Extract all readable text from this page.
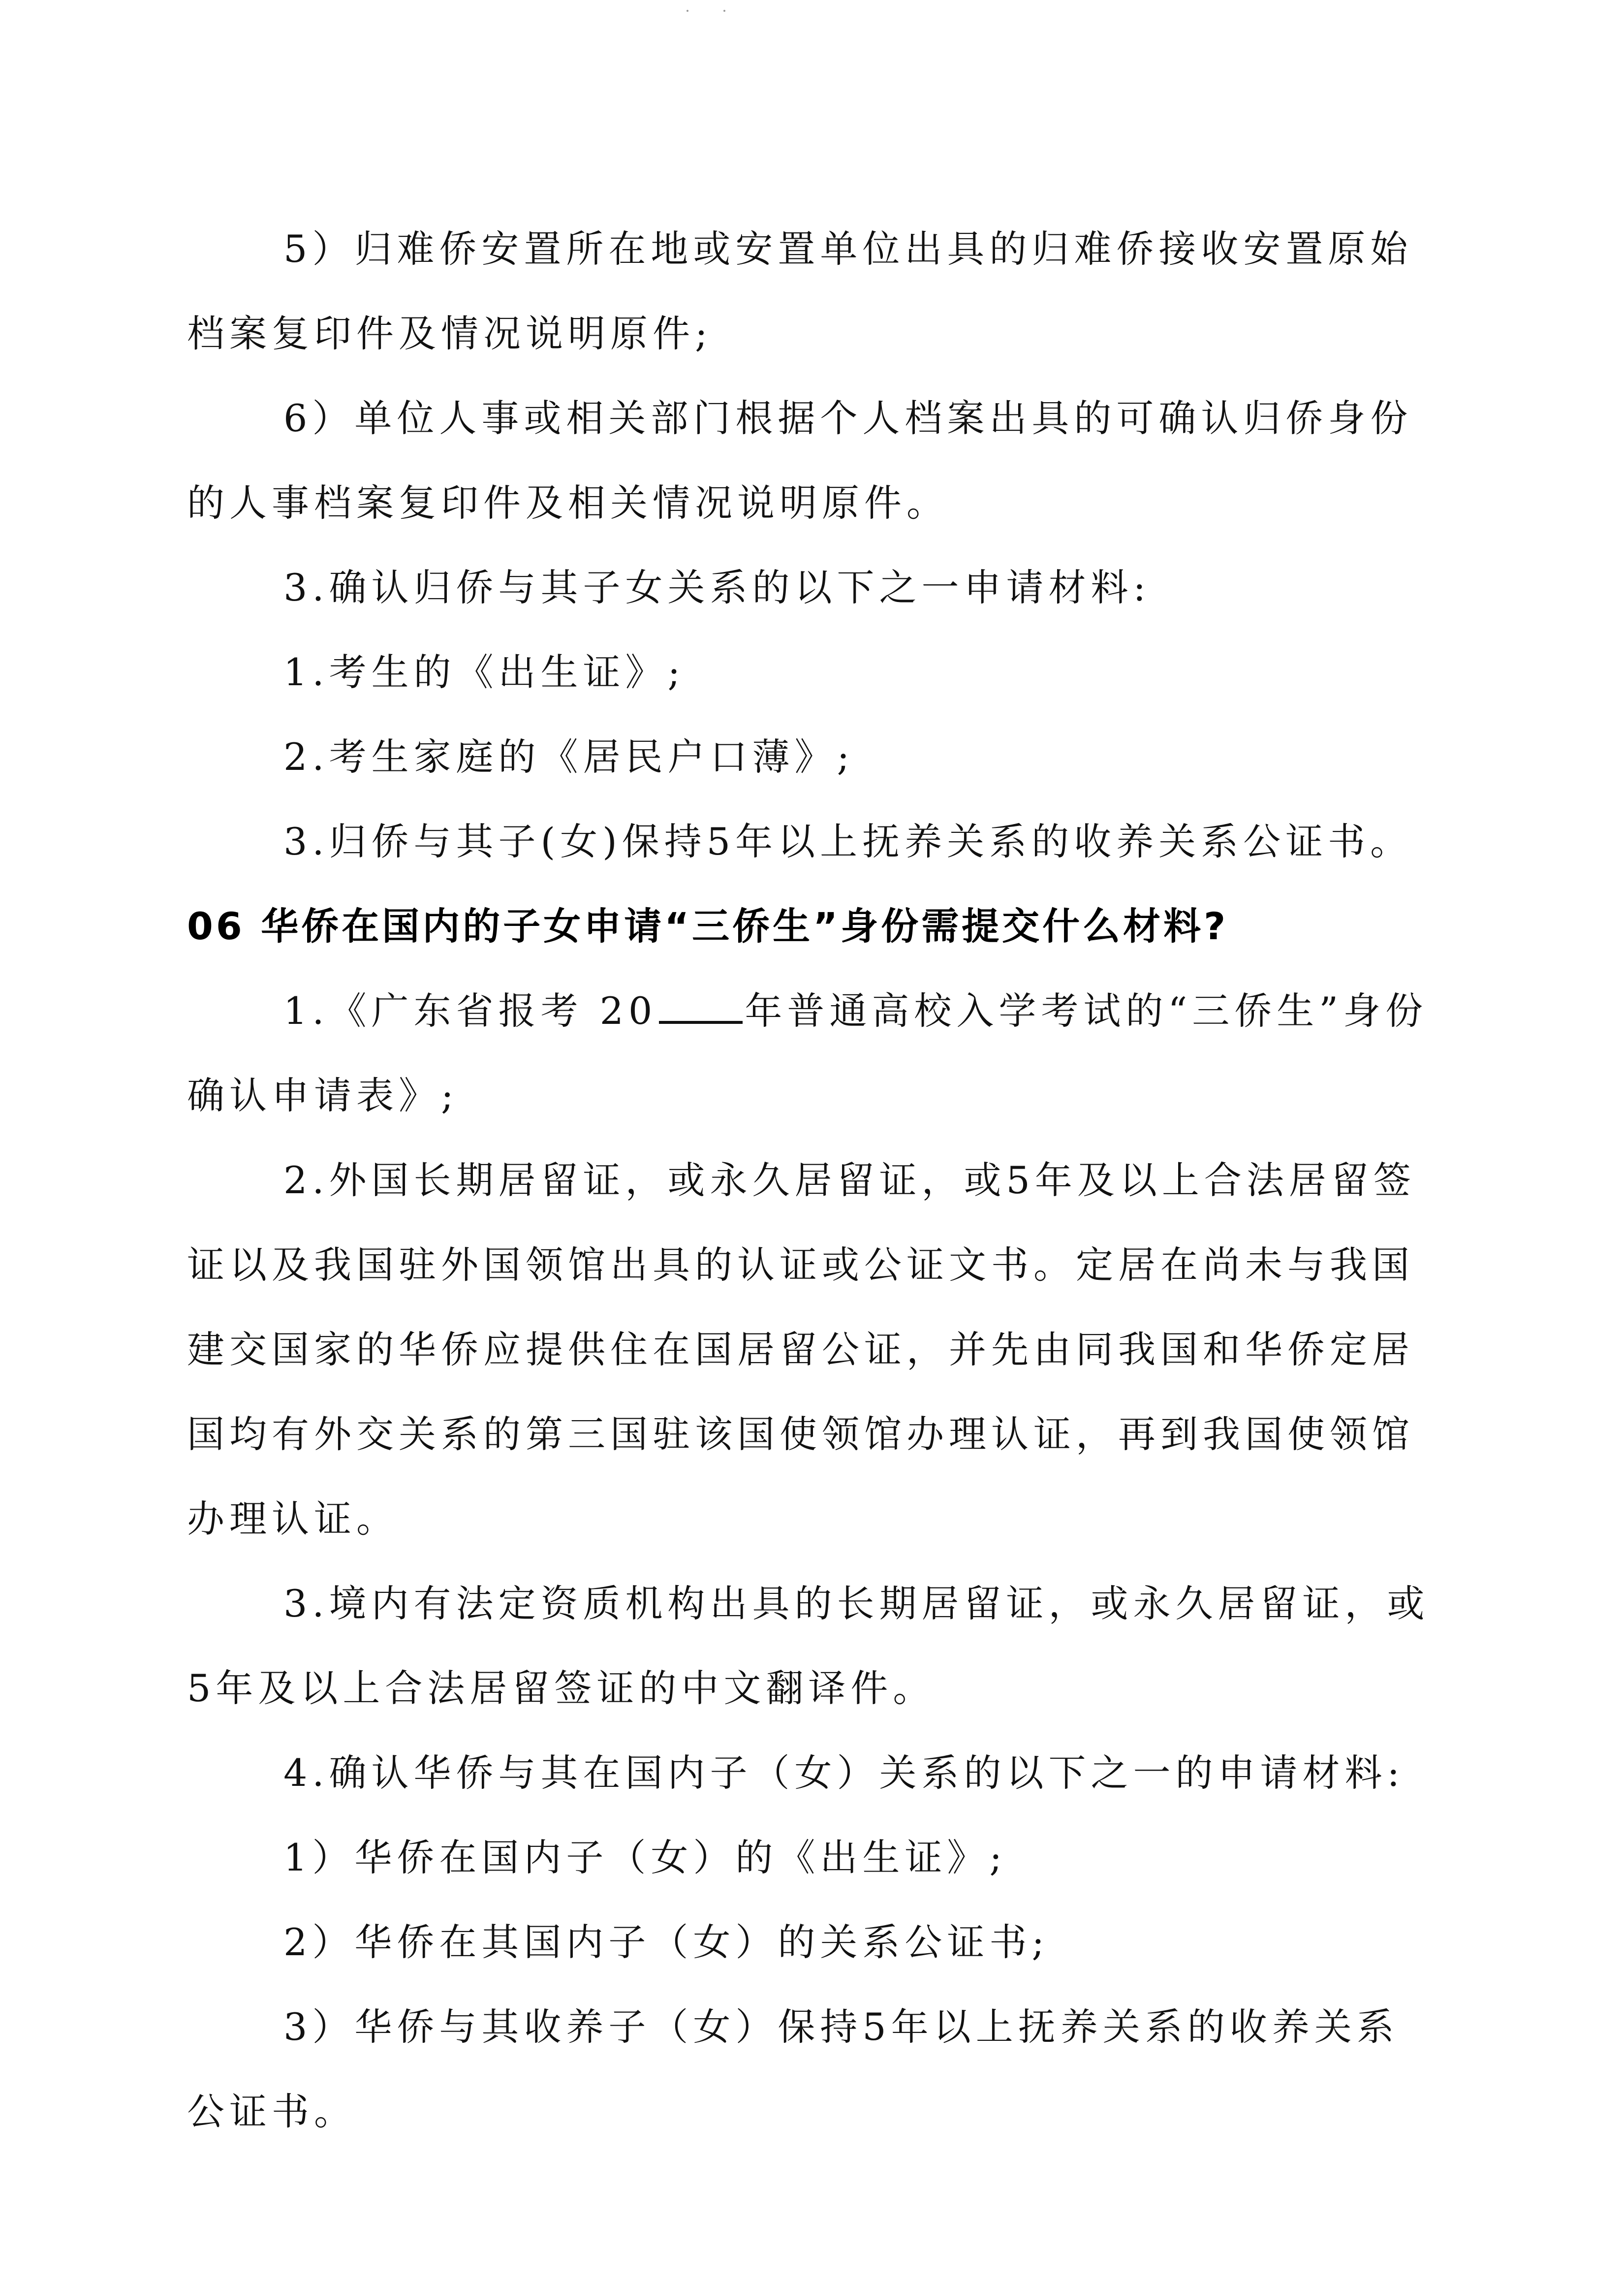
5）归难侨安置所在地或安置单位出具的归难侨接收安置原始
档案复印件及情况说明原件;
6）单位人事或相关部门根据个人档案出具的可确认归侨身份
的人事档案复印件及相关情况说明原件。
3.确认归侨与其子女关系的以下之一申请材料:
1.考生的《出生证》;
2.考生家庭的《居民户口薄》;
3.归侨与其子(女)保持5年以上抚养关系的收养关系公证书。
06 华侨在国内的子女申请“三侨生”身份需提交什么材料?
1.《广东省报考 20 年普通高校入学考试的“三侨生”身份
确认申请表》;
2.外国长期居留证，或永久居留证，或5年及以上合法居留签
证以及我国驻外国领馆出具的认证或公证文书。定居在尚未与我国
建交国家的华侨应提供住在国居留公证，并先由同我国和华侨定居
国均有外交关系的第三国驻该国使领馆办理认证，再到我国使领馆
办理认证。
3.境内有法定资质机构出具的长期居留证，或永久居留证，或
5年及以上合法居留签证的中文翻译件。
4.确认华侨与其在国内子（女）关系的以下之一的申请材料:
1）华侨在国内子（女）的《出生证》;
2）华侨在其国内子（女）的关系公证书;
3）华侨与其收养子（女）保持5年以上抚养关系的收养关系
公证书。
